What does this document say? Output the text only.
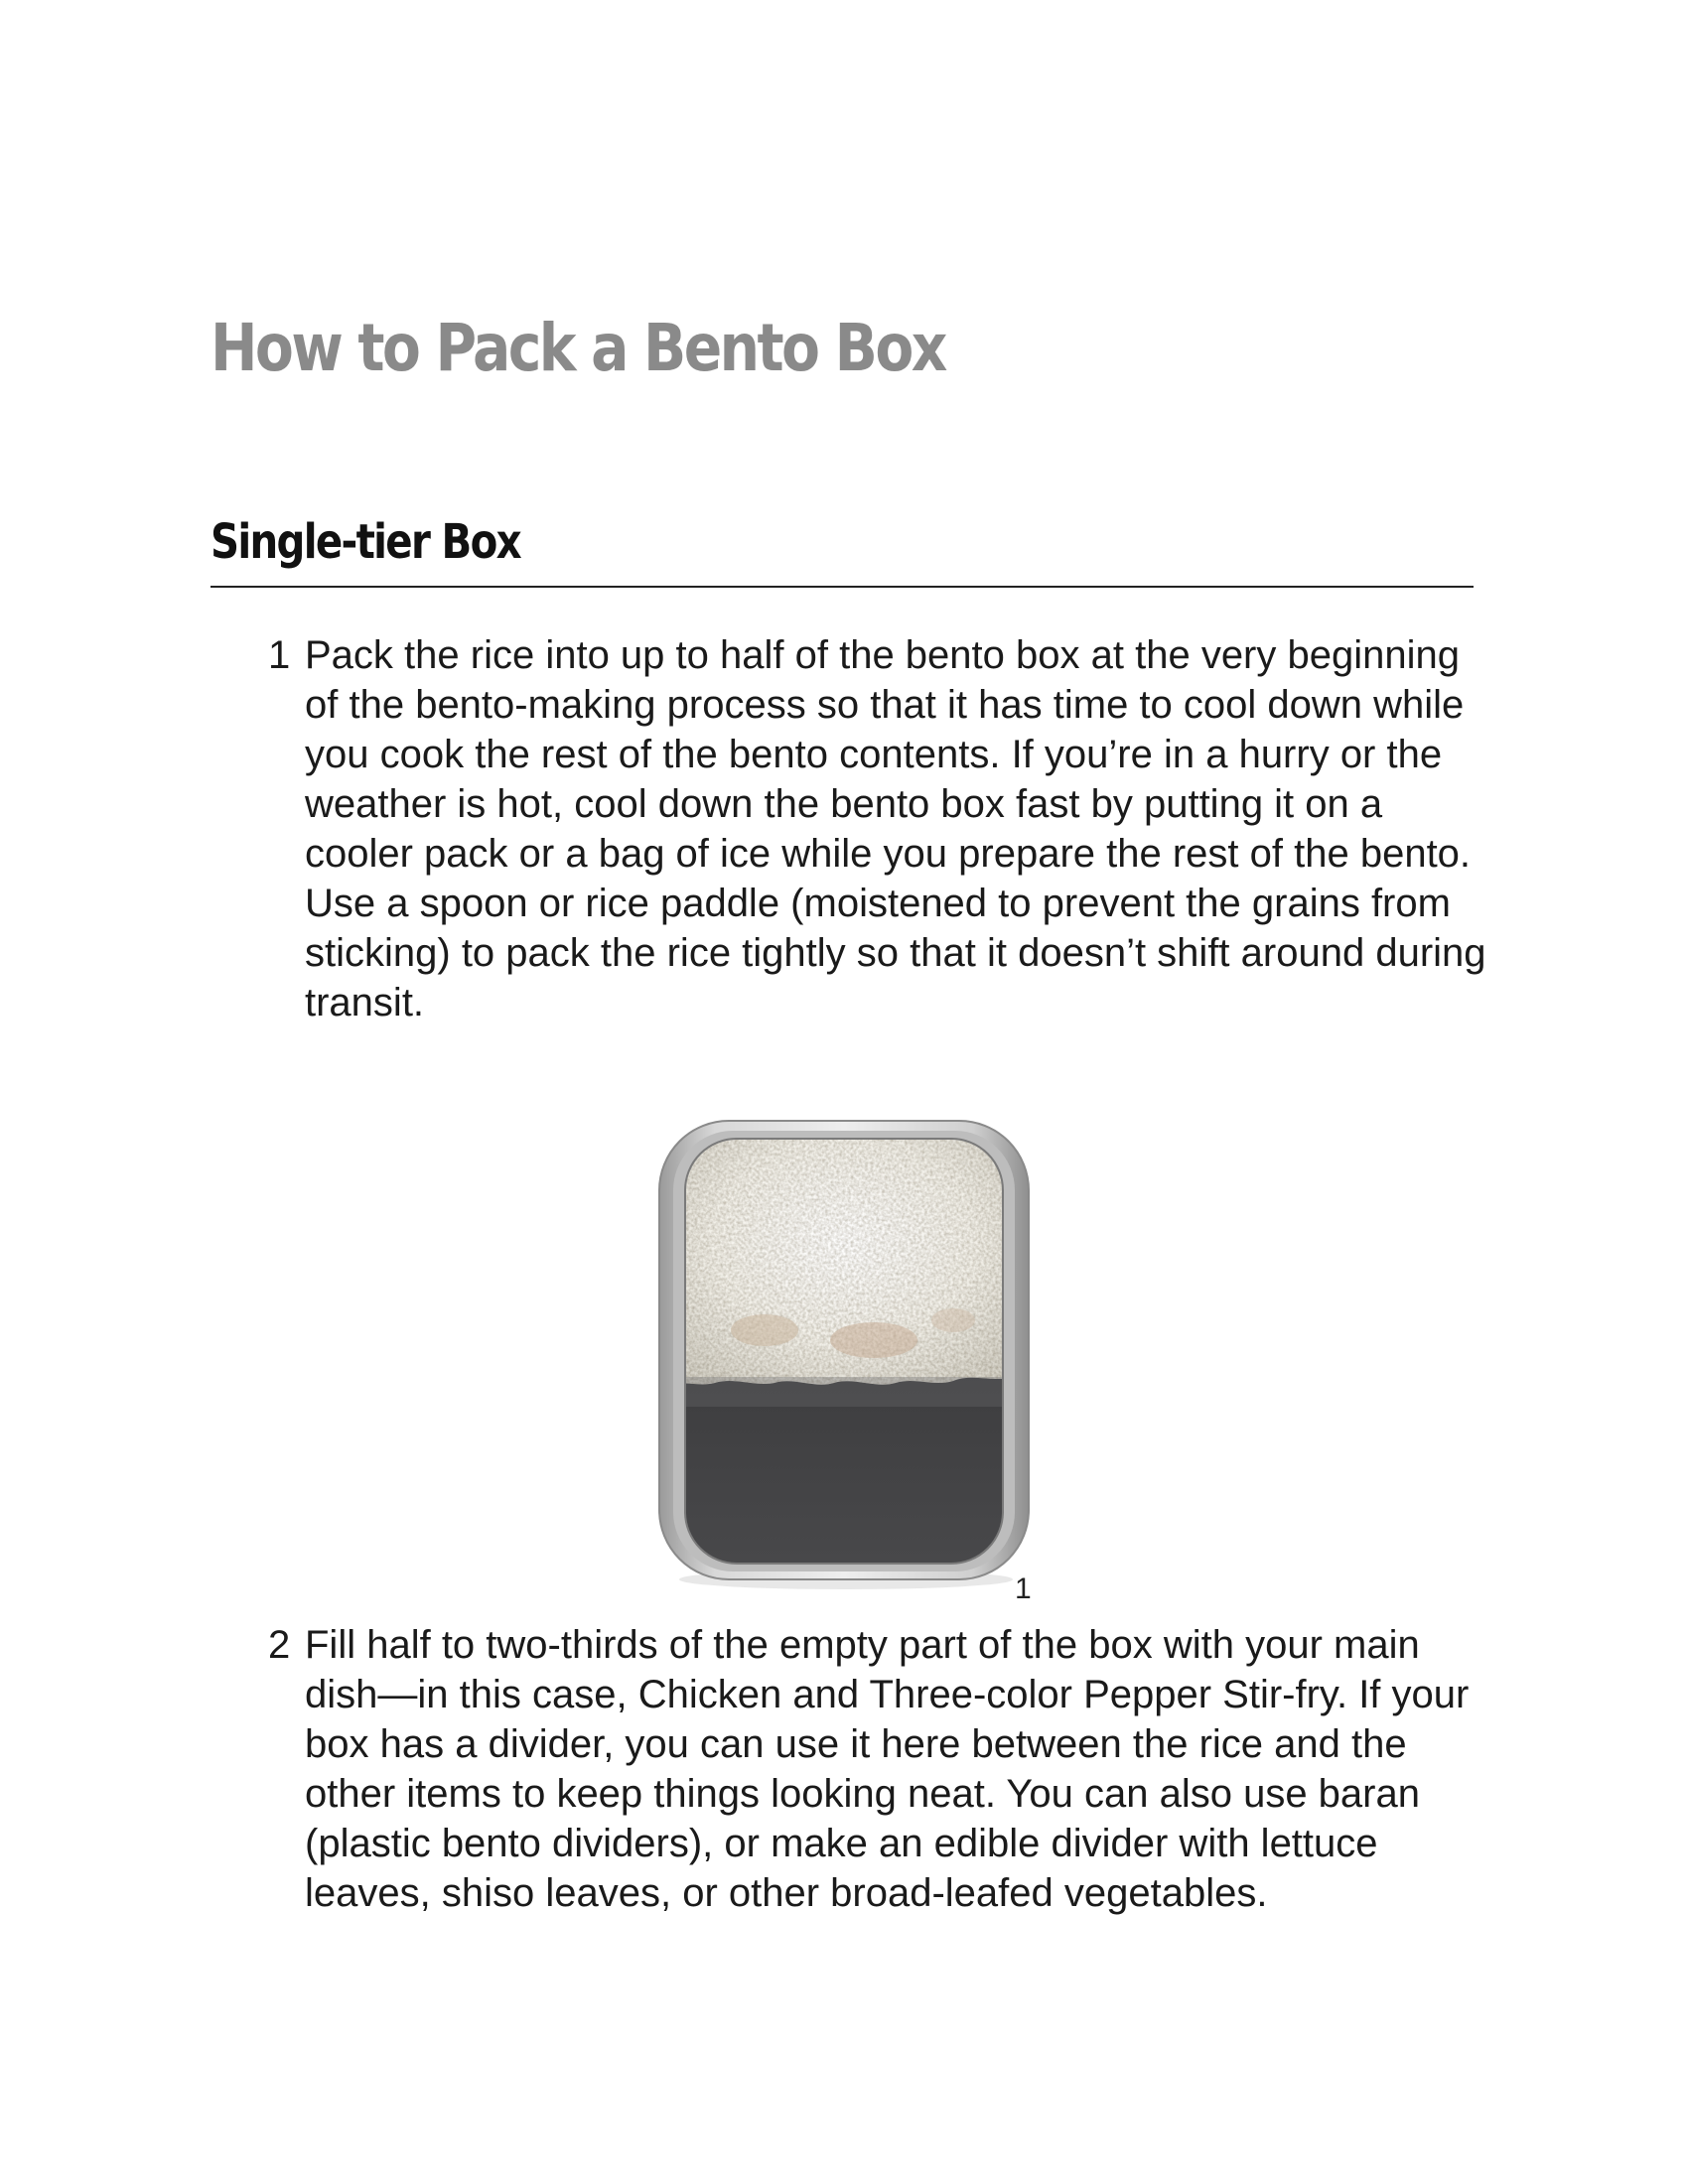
How to Pack a Bento Box
Single-tier Box
1 Pack the rice into up to half of the bento box at the very beginning of the bento-making process so that it has time to cool down while you cook the rest of the bento contents. If you’re in a hurry or the weather is hot, cool down the bento box fast by putting it on a cooler pack or a bag of ice while you prepare the rest of the bento. Use a spoon or rice paddle (moistened to prevent the grains from sticking) to pack the rice tightly so that it doesn’t shift around during transit.
1
2 Fill half to two-thirds of the empty part of the box with your main dish—in this case, Chicken and Three-color Pepper Stir-fry. If your box has a divider, you can use it here between the rice and the other items to keep things looking neat. You can also use baran (plastic bento dividers), or make an edible divider with lettuce leaves, shiso leaves, or other broad-leafed vegetables.
